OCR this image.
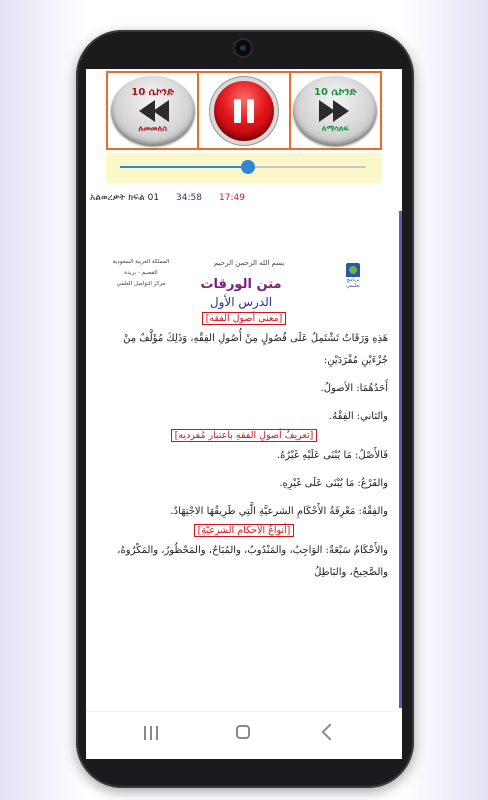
10 ሴኮንድ
ለመመለስ
10 ሴኮንድ
ለማሳለፍ
አልወረቃት ክፍል 01 34:58 17:49
المملكة العربية السعودية
القصيم - بريدة
مركز التواصل العلمي
بسم الله الرحمن الرحيم
برنامج تعليمي
متن الورقات
الدرس الأول
[معنى أصول الفقه]
هَذِهِ وَرَقَاتٌ تَشْتَمِلُ عَلَى فُصُولٍ مِنْ أُصُولِ الفِقْهِ، وَذَلِكَ مُؤَلَّفٌ مِنْ جُزْءَيْنِ مُفْرَدَيْنِ:
أَحَدُهُمَا: الأصولُ.
والثاني: الفِقْهُ.
[تعريفُ أصولِ الفقهِ باعتبارِ مُفرديه]
فَالأَصْلُ: مَا يُبْنَى عَلَيْهِ غَيْرُهُ.
والفَرْعُ: مَا يُبْنَى عَلَى غَيْرِهِ.
والفِقْهُ: مَعْرِفَةُ الأَحْكَامِ الشرعيَّةِ الَّتِي طَرِيقُهَا الاجْتِهَادُ.
[أنواعُ الأحكامِ الشرعيَّةِ]
والأَحْكَامُ سَبْعَةٌ: الوَاجِبُ، والمَنْدُوبُ، والمُبَاحُ، والمَحْظُورُ، والمَكْرُوهُ، والصَّحِيحُ، والبَاطِلُ
